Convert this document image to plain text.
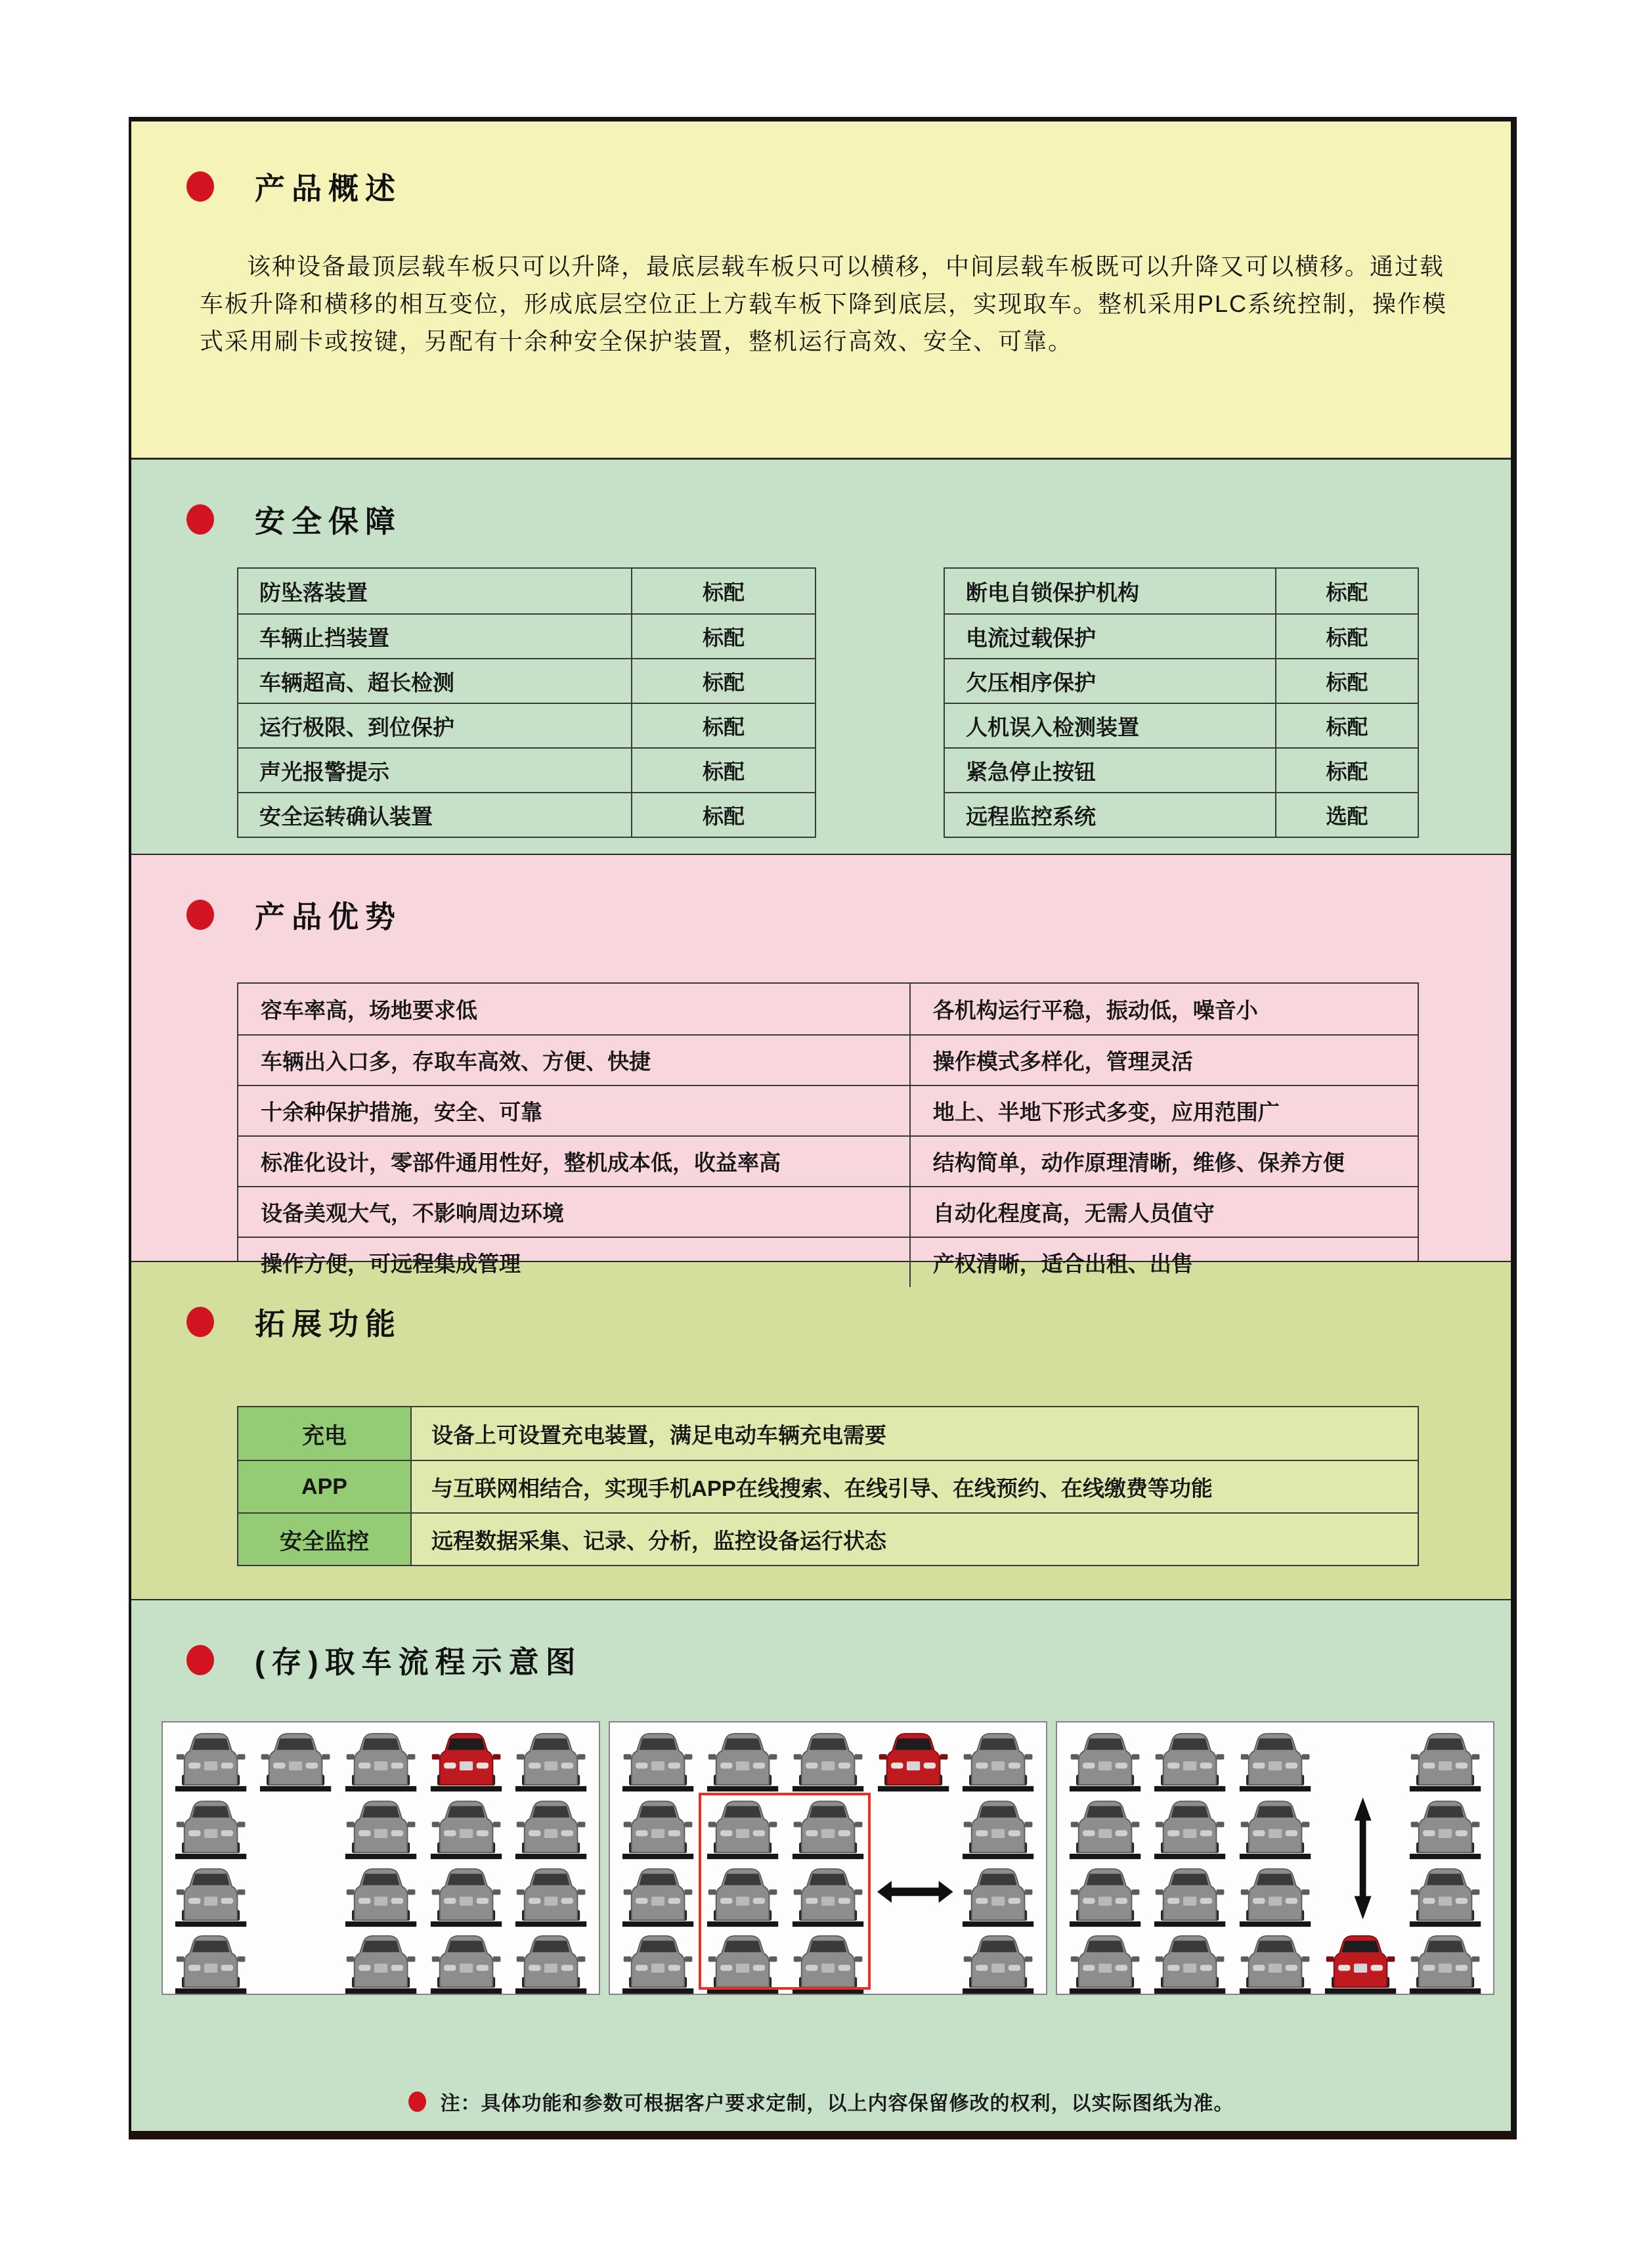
产品概述

该种设备最顶层载车板只可以升降，最底层载车板只可以横移，中间层载车板既可以升降又可以横移。通过载车板升降和横移的相互变位，形成底层空位正上方载车板下降到底层，实现取车。整机采用PLC系统控制，操作模式采用刷卡或按键，另配有十余种安全保护装置，整机运行高效、安全、可靠。

安全保障
防坠落装置	标配
车辆止挡装置	标配
车辆超高、超长检测	标配
运行极限、到位保护	标配
声光报警提示	标配
安全运转确认装置	标配
断电自锁保护机构	标配
电流过载保护	标配
欠压相序保护	标配
人机误入检测装置	标配
紧急停止按钮	标配
远程监控系统	选配
产品优势
容车率高，场地要求低	各机构运行平稳，振动低，噪音小
车辆出入口多，存取车高效、方便、快捷	操作模式多样化，管理灵活
十余种保护措施，安全、可靠	地上、半地下形式多变，应用范围广
标准化设计，零部件通用性好，整机成本低，收益率高	结构简单，动作原理清晰，维修、保养方便
设备美观大气，不影响周边环境	自动化程度高，无需人员值守
操作方便，可远程集成管理	产权清晰，适合出租、出售
拓展功能
充电	设备上可设置充电装置，满足电动车辆充电需要
APP	与互联网相结合，实现手机APP在线搜索、在线引导、在线预约、在线缴费等功能
安全监控	远程数据采集、记录、分析，监控设备运行状态
(存)取车流程示意图
注：具体功能和参数可根据客户要求定制，以上内容保留修改的权利，以实际图纸为准。
